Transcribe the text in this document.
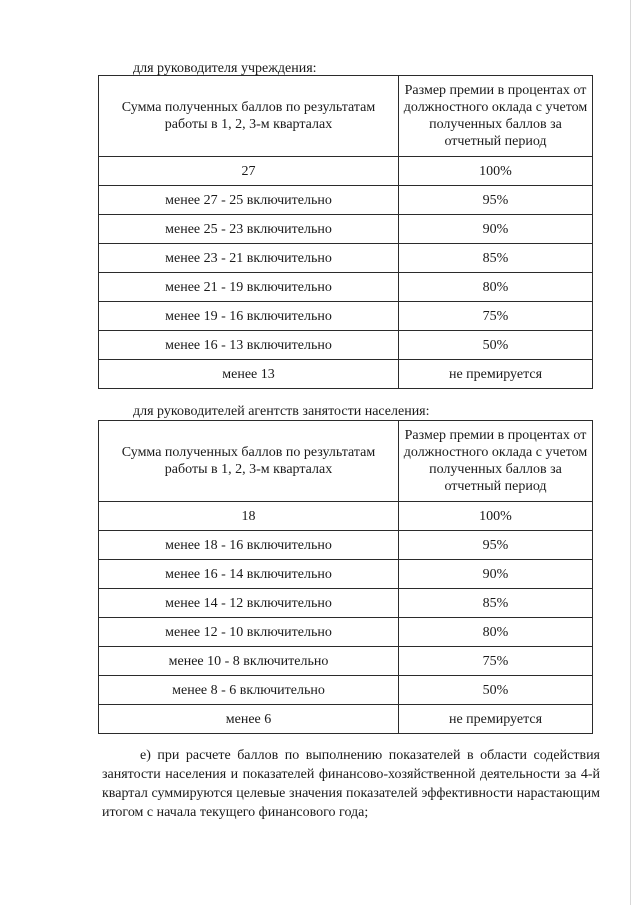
для руководителя учреждения:
Сумма полученных баллов по результатам работы в 1, 2, 3-м кварталах	Размер премии в процентах от должностного оклада с учетом полученных баллов за отчетный период
27	100%
менее 27 - 25 включительно	95%
менее 25 - 23 включительно	90%
менее 23 - 21 включительно	85%
менее 21 - 19 включительно	80%
менее 19 - 16 включительно	75%
менее 16 - 13 включительно	50%
менее 13	не премируется
для руководителей агентств занятости населения:
Сумма полученных баллов по результатам работы в 1, 2, 3-м кварталах	Размер премии в процентах от должностного оклада с учетом полученных баллов за отчетный период
18	100%
менее 18 - 16 включительно	95%
менее 16 - 14 включительно	90%
менее 14 - 12 включительно	85%
менее 12 - 10 включительно	80%
менее 10 - 8 включительно	75%
менее 8 - 6 включительно	50%
менее 6	не премируется
е) при расчете баллов по выполнению показателей в области содействия занятости населения и показателей финансово-хозяйственной деятельности за 4-й квартал суммируются целевые значения показателей эффективности нарастающим итогом с начала текущего финансового года;
